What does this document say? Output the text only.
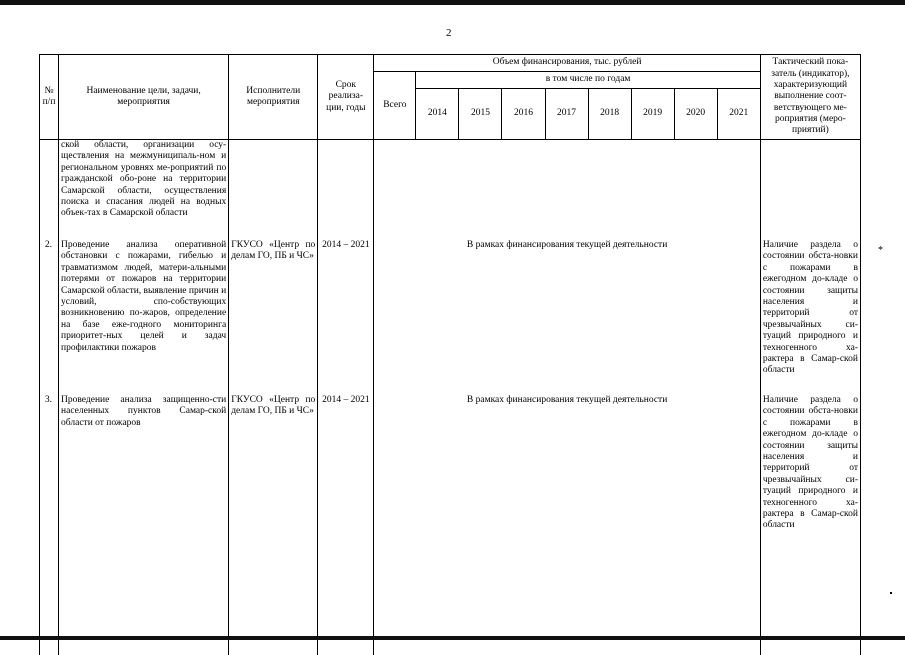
2
№ п/п	Наименование цели, задачи, мероприятия	Исполнители мероприятия	Срок реализа-ции, годы	Объем финансирования, тыс. рублей									Тактический пока-затель (индикатор), характеризующий выполнение соот-ветствующего ме-роприятия (меро-приятий)
				Всего	в том числе по годам								
					2014	2015	2016	2017	2018	2019	2020	2021	
	ской области, организации осу-ществления на межмуниципаль-ном и региональном уровнях ме-роприятий по гражданской обо-роне на территории Самарской области, осуществления поиска и спасания людей на водных объек-тах в Самарской области												
2.	Проведение анализа оперативной обстановки с пожарами, гибелью и травматизмом людей, матери-альными потерями от пожаров на территории Самарской области, выявление причин и условий, спо-собствующих возникновению по-жаров, определение на базе еже-годного мониторинга приоритет-ных целей и задач профилактики пожаров	ГКУСО «Центр по делам ГО, ПБ и ЧС»	2014 – 2021	В рамках финансирования текущей деятельности									Наличие раздела о состоянии обста-новки с пожарами в ежегодном до-кладе о состоянии защиты населения и территорий от чрезвычайных си-туаций природного и техногенного ха-рактера в Самар-ской области
3.	Проведение анализа защищенно-сти населенных пунктов Самар-ской области от пожаров	ГКУСО «Центр по делам ГО, ПБ и ЧС»	2014 – 2021	В рамках финансирования текущей деятельности									Наличие раздела о состоянии обста-новки с пожарами в ежегодном до-кладе о состоянии защиты населения и территорий от чрезвычайных си-туаций природного и техногенного ха-рактера в Самар-ской области
*
